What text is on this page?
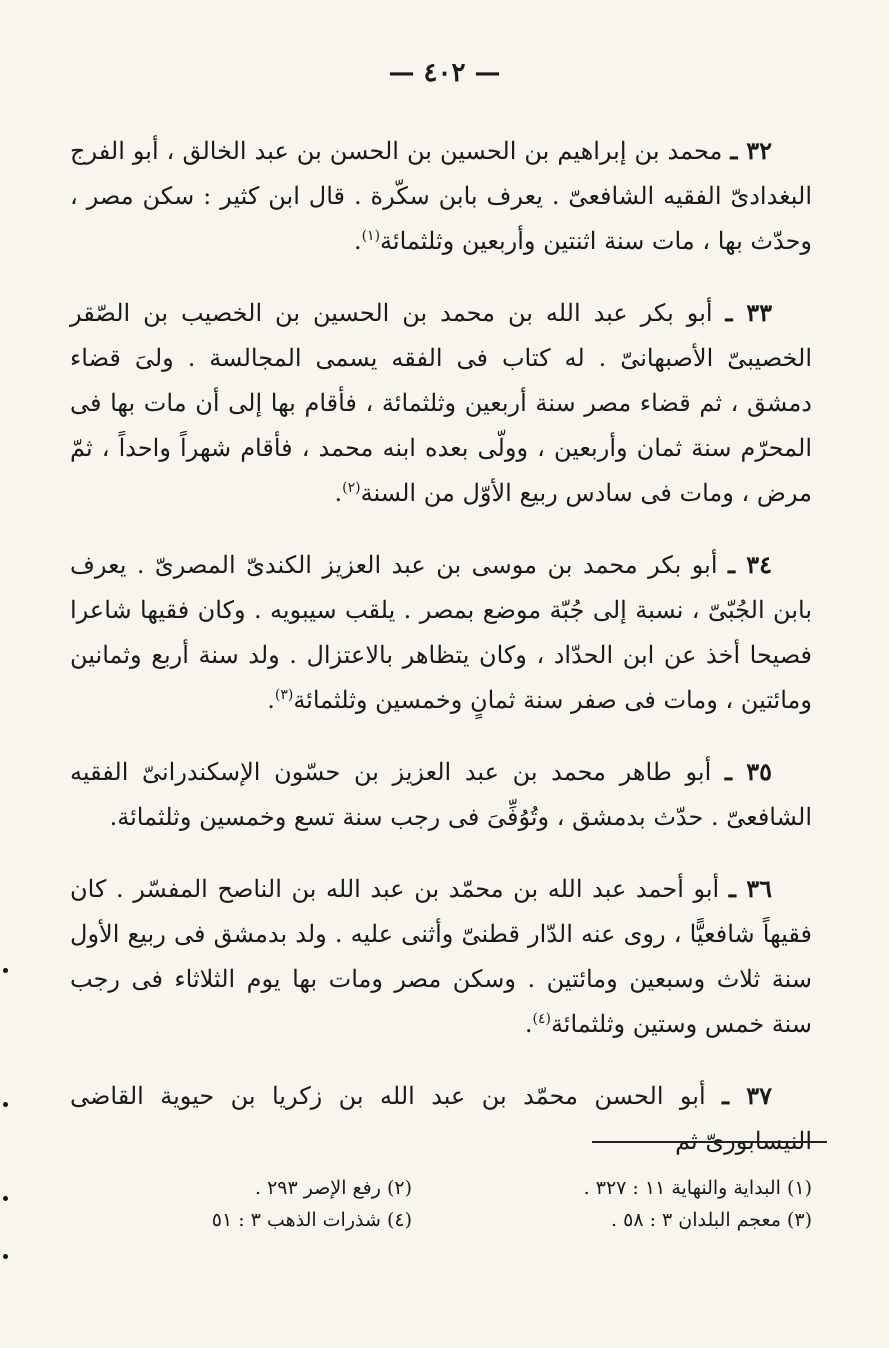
— ٤٠٢ —

٣٢ ـ محمد بن إبراهيم بن الحسين بن الحسن بن عبد الخالق ، أبو الفرج البغدادىّ الفقيه الشافعىّ . يعرف بابن سكّرة . قال ابن كثير : سكن مصر ، وحدّث بها ، مات سنة اثنتين وأربعين وثلثمائة$^{(١)}$.

٣٣ ـ أبو بكر عبد الله بن محمد بن الحسين بن الخصيب بن الصّقر الخصيبىّ الأصبهانىّ . له كتاب فى الفقه يسمى المجالسة . ولىَ قضاء دمشق ، ثم قضاء مصر سنة أربعين وثلثمائة ، فأقام بها إلى أن مات بها فى المحرّم سنة ثمان وأربعين ، وولّى بعده ابنه محمد ، فأقام شهراً واحداً ، ثمّ مرض ، ومات فى سادس ربيع الأوّل من السنة$^{(٢)}$.

٣٤ ـ أبو بكر محمد بن موسى بن عبد العزيز الكندىّ المصرىّ . يعرف بابن الجُبّىّ ، نسبة إلى جُبّة موضع بمصر . يلقب سيبويه . وكان فقيها شاعرا فصيحا أخذ عن ابن الحدّاد ، وكان يتظاهر بالاعتزال . ولد سنة أربع وثمانين ومائتين ، ومات فى صفر سنة ثمانٍ وخمسين وثلثمائة$^{(٣)}$.

٣٥ ـ أبو طاهر محمد بن عبد العزيز بن حسّون الإسكندرانىّ الفقيه الشافعىّ . حدّث بدمشق ، وتُوُفِّىَ فى رجب سنة تسع وخمسين وثلثمائة.

٣٦ ـ أبو أحمد عبد الله بن محمّد بن عبد الله بن الناصح المفسّر . كان فقيهاً شافعيًّا ، روى عنه الدّار قطنىّ وأثنى عليه . ولد بدمشق فى ربيع الأول سنة ثلاث وسبعين ومائتين . وسكن مصر ومات بها يوم الثلاثاء فى رجب سنة خمس وستين وثلثمائة$^{(٤)}$.

٣٧ ـ أبو الحسن محمّد بن عبد الله بن زكريا بن حيوية القاضى النيسابورىّ ثم

(١) البداية والنهاية ١١ : ٣٢٧ .
(٣) معجم البلدان ٣ : ٥٨ .
(٢) رفع الإصر ٢٩٣ .
(٤) شذرات الذهب ٣ : ٥١
